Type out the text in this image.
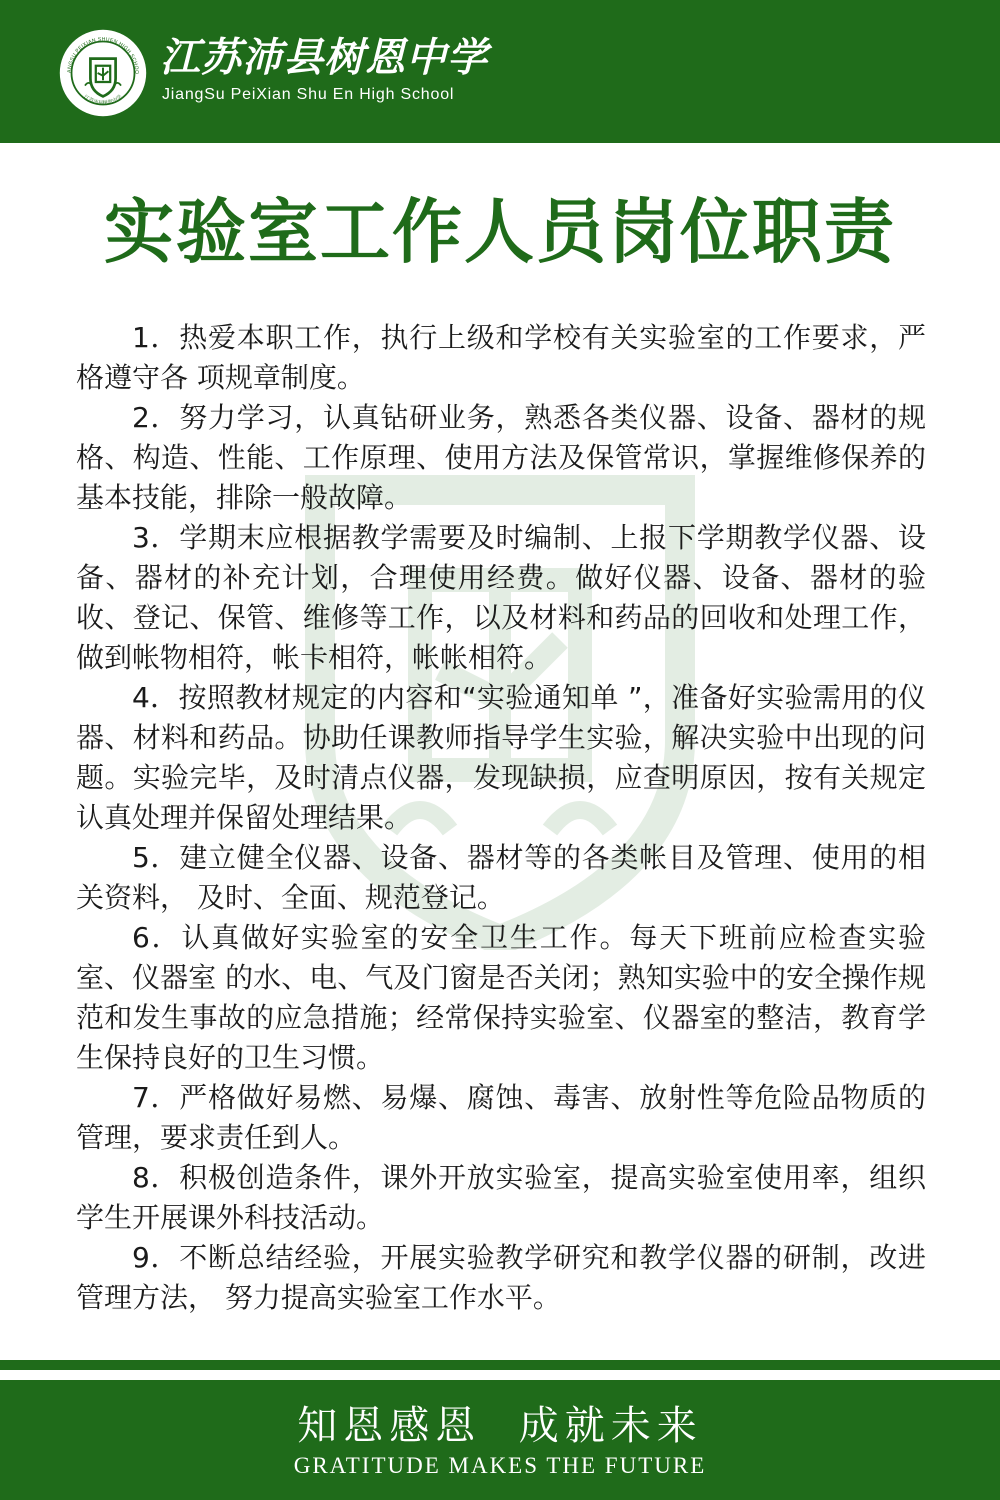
ANGSU PEIXIAN SHUEN HIGH SCHOO
江苏沛县树恩中学

江苏沛县树恩中学

JiangSu PeiXian Shu En High School

实验室工作人员岗位职责

1．热爱本职工作，执行上级和学校有关实验室的工作要求，严格遵守各 项规章制度。

2．努力学习，认真钻研业务，熟悉各类仪器、设备、器材的规格、构造、性能、工作原理、使用方法及保管常识，掌握维修保养的基本技能，排除一般故障。

3．学期末应根据教学需要及时编制、上报下学期教学仪器、设备、器材的补充计划，合理使用经费。做好仪器、设备、器材的验收、登记、保管、维修等工作，以及材料和药品的回收和处理工作，做到帐物相符，帐卡相符，帐帐相符。

4．按照教材规定的内容和“实验通知单 ”，准备好实验需用的仪器、材料和药品。协助任课教师指导学生实验，解决实验中出现的问题。实验完毕，及时清点仪器，发现缺损，应查明原因，按有关规定认真处理并保留处理结果。

5．建立健全仪器、设备、器材等的各类帐目及管理、使用的相关资料， 及时、全面、规范登记。

6．认真做好实验室的安全卫生工作。每天下班前应检查实验室、仪器室 的水、电、气及门窗是否关闭；熟知实验中的安全操作规范和发生事故的应急措施；经常保持实验室、仪器室的整洁，教育学生保持良好的卫生习惯。

7．严格做好易燃、易爆、腐蚀、毒害、放射性等危险品物质的管理，要求责任到人。

8．积极创造条件，课外开放实验室，提高实验室使用率，组织学生开展课外科技活动。

9．不断总结经验，开展实验教学研究和教学仪器的研制，改进管理方法， 努力提高实验室工作水平。

知恩感恩  成就未来

GRATITUDE MAKES THE FUTURE
